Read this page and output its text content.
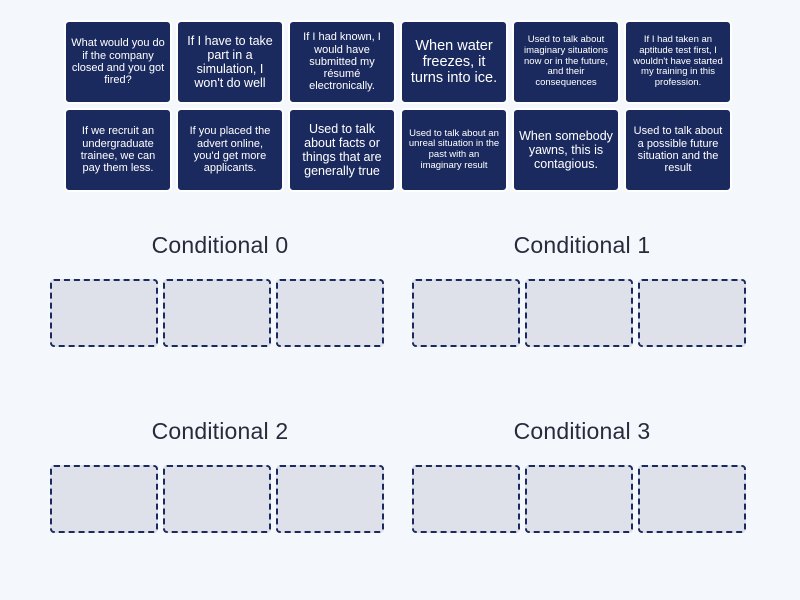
What would you do if the company closed and you got fired?
If I have to take part in a simulation, I won't do well
If I had known, I would have submitted my résumé electronically.
When water freezes, it turns into ice.
Used to talk about imaginary situations now or in the future, and their consequences
If I had taken an aptitude test first, I wouldn't have started my training in this profession.
If we recruit an undergraduate trainee, we can pay them less.
If you placed the advert online, you'd get more applicants.
Used to talk about facts or things that are generally true
Used to talk about an unreal situation in the past with an imaginary result
When somebody yawns, this is contagious.
Used to talk about a possible future situation and the result
Conditional 0	Conditional 1
Conditional 2	Conditional 3
